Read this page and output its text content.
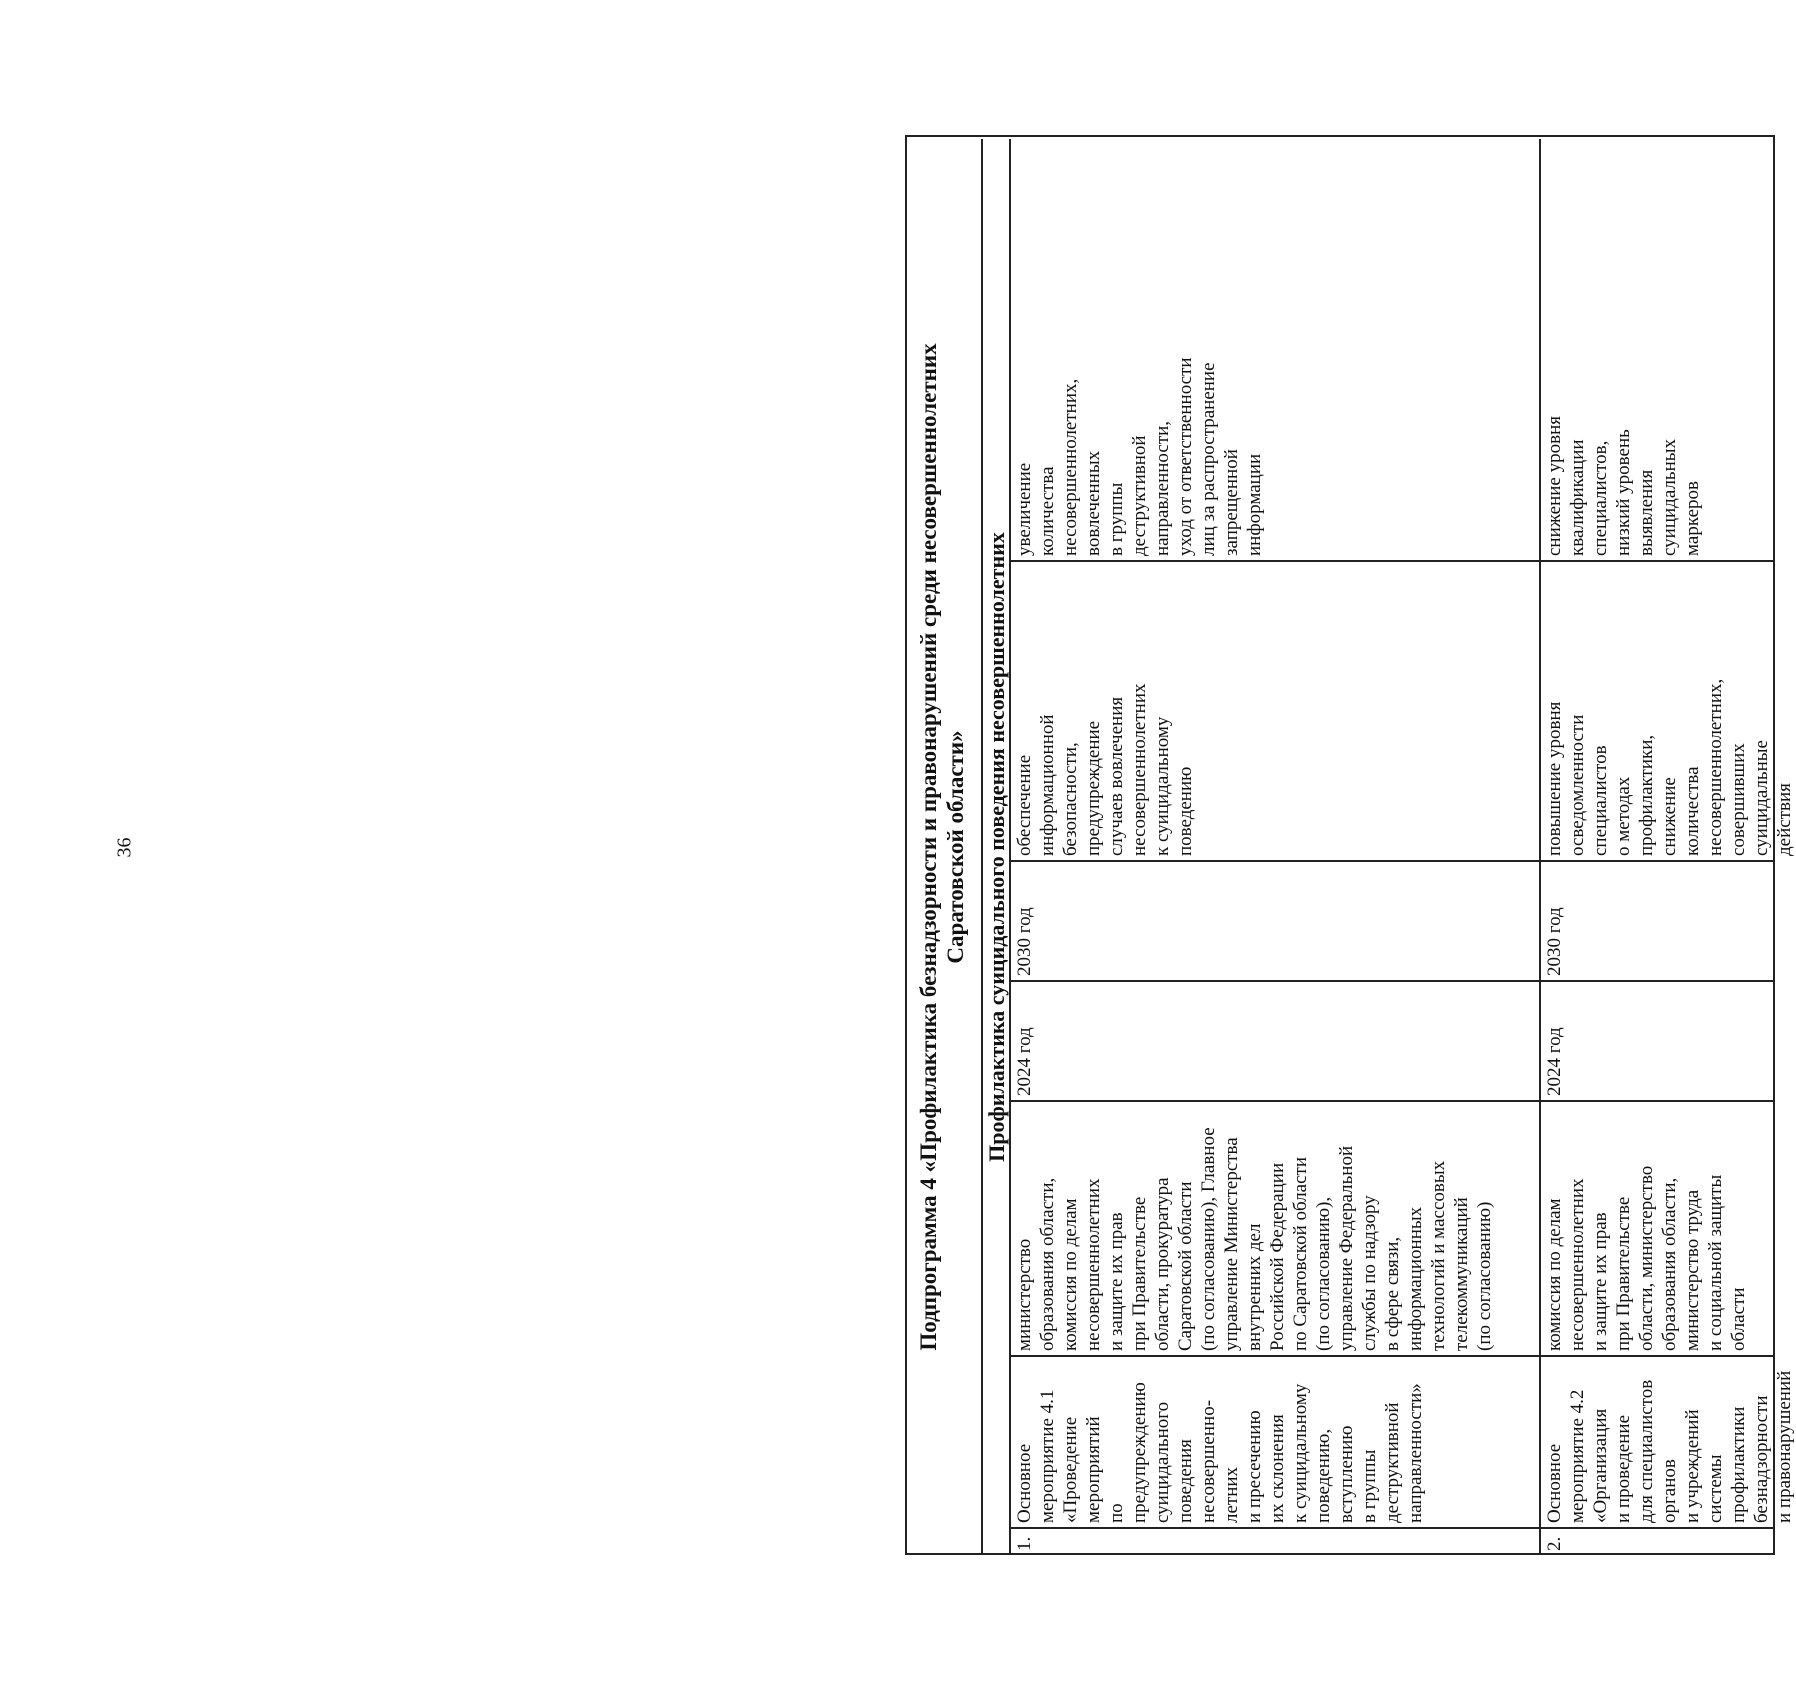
36	Подпрограмма 4 «Профилактика безнадзорности и правонарушений среди несовершеннолетних Саратовской области» Профилактика суицидального поведения несовершеннолетних
1.
Основное
мероприятие 4.1
«Проведение
мероприятий
по предупреждению
суицидального
поведения
несовершенно-
летних
и пресечению
их склонения
к суицидальному
поведению,
вступлению
в группы
деструктивной
направленности»
министерство
образования области,
комиссия по делам
несовершеннолетних
и защите их прав
при Правительстве
области, прокуратура
Саратовской области
(по согласованию), Главное
управление Министерства
внутренних дел
Российской Федерации
по Саратовской области
(по согласованию),
управление Федеральной
службы по надзору
в сфере связи,
информационных
технологий и массовых
телекоммуникаций
(по согласованию)
2024 год
2030 год
обеспечение
информационной
безопасности,
предупреждение
случаев вовлечения
несовершеннолетних
к суицидальному
поведению
увеличение
количества
несовершеннолетних,
вовлеченных
в группы
деструктивной
направленности,
уход от ответственности
лиц за распространение
запрещенной
информации
2.
Основное
мероприятие 4.2
«Организация
и проведение
для специалистов
органов
и учреждений
системы
профилактики
безнадзорности
и правонарушений
комиссия по делам
несовершеннолетних
и защите их прав
при Правительстве
области, министерство
образования области,
министерство труда
и социальной защиты
области
2024 год
2030 год
повышение уровня
осведомленности
специалистов
о методах
профилактики,
снижение
количества
несовершеннолетних,
совершивших
суицидальные
действия
снижение уровня
квалификации
специалистов,
низкий уровень
выявления
суицидальных
маркеров
